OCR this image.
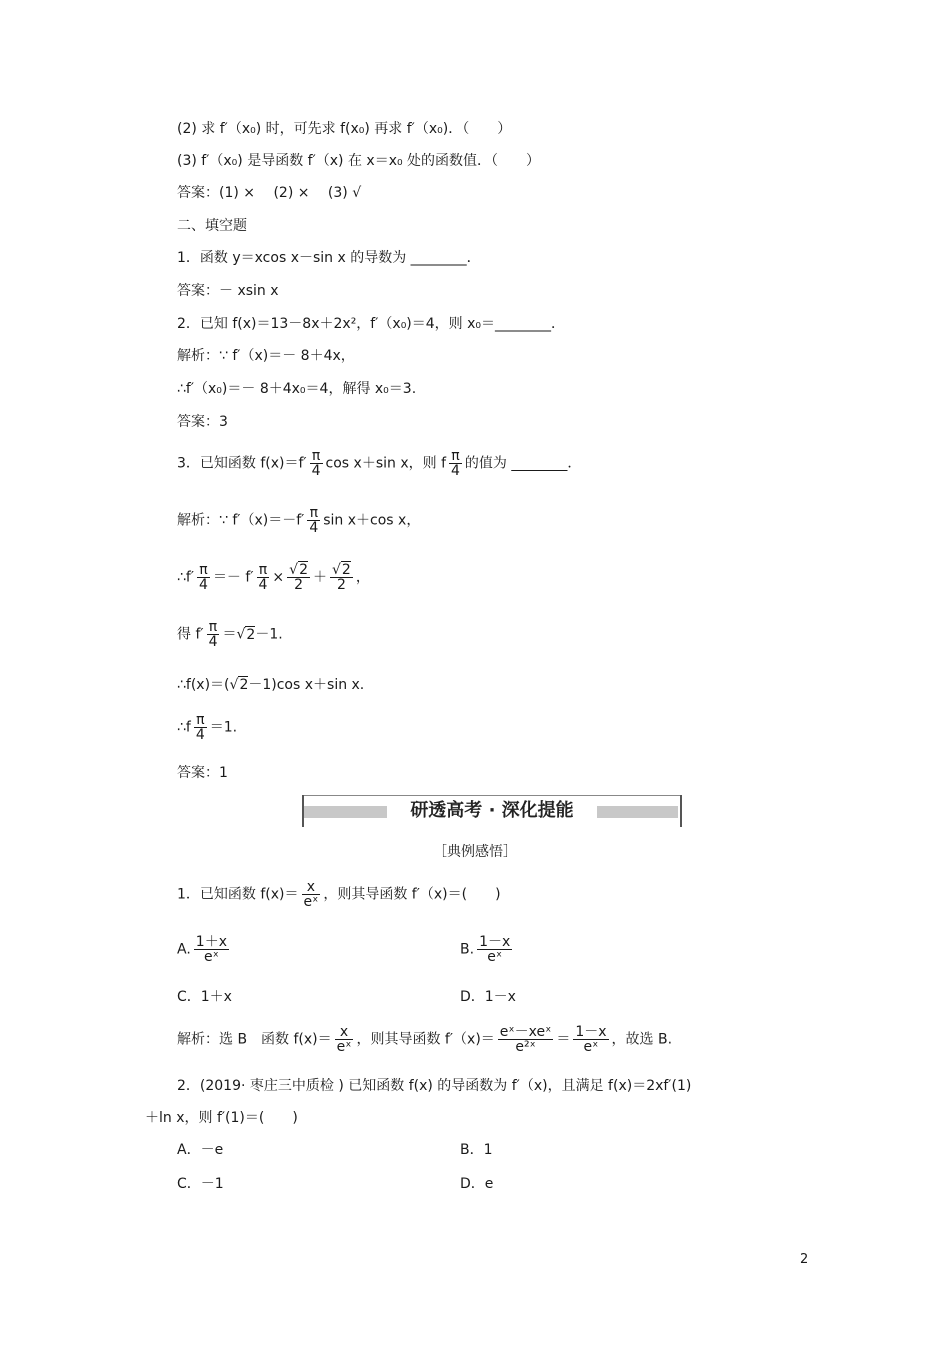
(2) 求 f′（x₀) 时，可先求 f(x₀) 再求 f′（x₀)．（　　）
(3) f′（x₀) 是导函数 f′（x) 在 x＝x₀ 处的函数值．（　　）
答案：(1) ×　 (2) ×　 (3) √
二、填空题
1．函数 y＝xcos x－sin x 的导数为 ________．
答案：－ xsin x
2．已知 f(x)＝13－8x＋2x²，f′（x₀)＝4，则 x₀＝________．
解析：∵ f′（x)＝－ 8＋4x，
∴f′（x₀)＝－ 8＋4x₀＝4，解得 x₀＝3.
答案：3
3．已知函数 $f(x)=f' \frac{\pi}{4}$ cos x＋sin x，则 f $\frac{\pi}{4}$ 的值为 ________．
解析：∵ $f'(x)=-f' \frac{\pi}{4}$ sin x＋cos x，
∴f′ $\frac{\pi}{4} =- f' \frac{\pi}{4} \times \frac{√2}{2} + \frac{√2}{2}$ ，
得 $f' \frac{\pi}{4} =√2-1$.
∴f(x)＝(√2－1)cos x＋sin x.
∴f $\frac{\pi}{4} =1$.
答案：1
研透高考 · 深化提能
［典例感悟］
1．已知函数 $f(x)= \frac{x}{\text{eˣ}}$ ，则其导函数 f′（x)＝(　　)
A. $\frac{1+x}{\text{eˣ}}$	B. $\frac{1-x}{\text{eˣ}}$
C．1＋x	D．1－x
解析：选 B　函数 $f(x)= \frac{x}{\text{eˣ}}$ ，则其导函数 $f'(x)= \frac{\text{eˣ－xeˣ}}{\text{e²ˣ}} = \frac{1-x}{\text{eˣ}}$ ，故选 B.
2．(2019· 枣庄三中质检 ) 已知函数 f(x) 的导函数为 f′（x)，且满足 f(x)＝2xf′(1)
＋ln x，则 f′(1)＝(　　)
A．－e	B．1
C．－1	D．e
2
